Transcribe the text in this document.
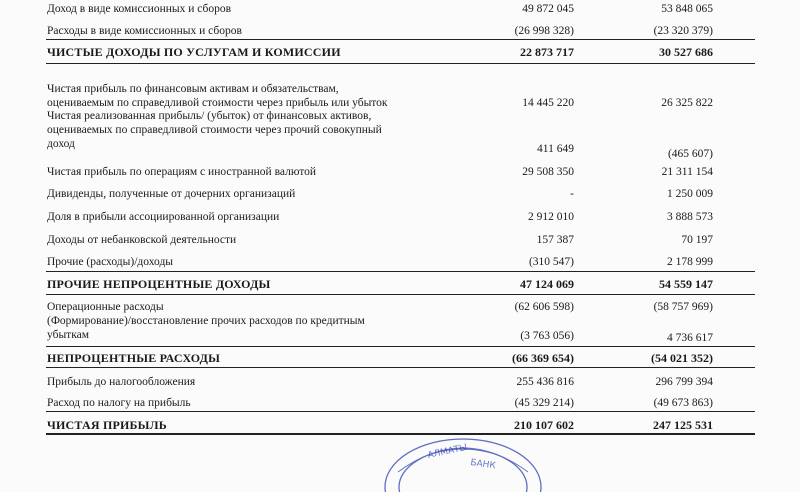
Доход в виде комиссионных и сборов	49 872 045	53 848 065
Расходы в виде комиссионных и сборов	(26 998 328)	(23 320 379)
ЧИСТЫЕ ДОХОДЫ ПО УСЛУГАМ И КОМИССИИ	22 873 717	30 527 686
Чистая прибыль по финансовым активам и обязательствам,
оцениваемым по справедливой стоимости через прибыль или убыток	14 445 220	26 325 822
Чистая реализованная прибыль/ (убыток) от финансовых активов,
оцениваемых по справедливой стоимости через прочий совокупный
доход	411 649	(465 607)
Чистая прибыль по операциям с иностранной валютой	29 508 350	21 311 154
Дивиденды, полученные от дочерних организаций	-	1 250 009
Доля в прибыли ассоциированной организации	2 912 010	3 888 573
Доходы от небанковской деятельности	157 387	70 197
Прочие (расходы)/доходы	(310 547)	2 178 999
ПРОЧИЕ НЕПРОЦЕНТНЫЕ ДОХОДЫ	47 124 069	54 559 147
Операционные расходы	(62 606 598)	(58 757 969)
(Формирование)/восстановление прочих расходов по кредитным
убыткам	(3 763 056)	4 736 617
НЕПРОЦЕНТНЫЕ РАСХОДЫ	(66 369 654)	(54 021 352)
Прибыль до налогообложения	255 436 816	296 799 394
Расход по налогу на прибыль	(45 329 214)	(49 673 863)
АЛМАТЫ
БАНК
ЧИСТАЯ ПРИБЫЛЬ	210 107 602	247 125 531
